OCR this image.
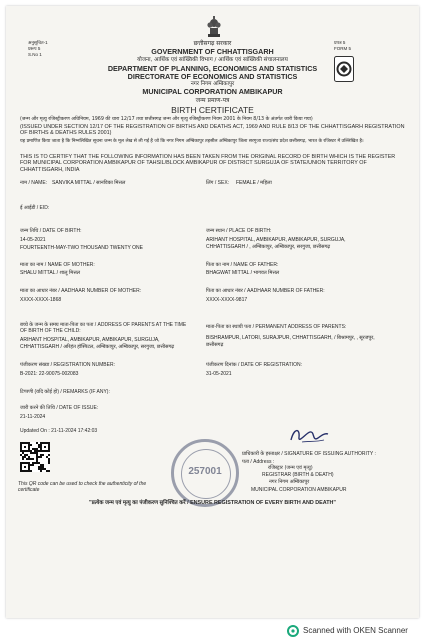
अनुसूचित-1
प्ररूप 5
S.No 1
प्रपत्र 5
FORM 5
छत्तीसगढ़ सरकार
GOVERNMENT OF CHHATTISGARH
योजना, आर्थिक एवं सांख्यिकी विभाग / आर्थिक एवं सांख्यिकी संचालनालय
DEPARTMENT OF PLANNING, ECONOMICS AND STATISTICS
DIRECTORATE OF ECONOMICS AND STATISTICS
नगर निगम अम्बिकापुर
MUNICIPAL CORPORATION AMBIKAPUR
जन्म प्रमाण-पत्र
BIRTH CERTIFICATE
(जन्म और मृत्यु रजिस्ट्रीकरण अधिनियम, 1969 की धारा 12/17 तथा छत्तीसगढ़ जन्म और मृत्यु रजिस्ट्रीकरण नियम 2001 के नियम 8/13 के अंतर्गत जारी किया गया)
(ISSUED UNDER SECTION 12/17 OF THE REGISTRATION OF BIRTHS AND DEATHS ACT, 1969 AND RULE 8/13 OF THE CHHATTISGARH REGISTRATION OF BIRTHS & DEATHS RULES 2001)
यह प्रमाणित किया जाता है कि निम्नलिखित सूचना जन्म के मूल लेख से ली गई है जो कि नगर निगम अम्बिकापुर तहसील अम्बिकापुर जिला सरगुजा राज्य/संघ प्रदेश छत्तीसगढ़, भारत के रजिस्टर में उल्लिखित है।
THIS IS TO CERTIFY THAT THE FOLLOWING INFORMATION HAS BEEN TAKEN FROM THE ORIGINAL RECORD OF BIRTH WHICH IS THE REGISTER FOR MUNICIPAL CORPORATION AMBIKAPUR OF TAHSIL/BLOCK AMBIKAPUR OF DISTRICT SURGUJA OF STATE/UNION TERRITORY OF CHHATTISGARH, INDIA
नाम / NAME: SANVIKA MITTAL / सानविका मित्तल	लिंग / SEX: FEMALE / महिला
ई आईडी / EID:
जन्म तिथि / DATE OF BIRTH:
14-05-2021
FOURTEENTH-MAY-TWO THOUSAND TWENTY ONE
जन्म स्थान / PLACE OF BIRTH:
ARIHANT HOSPITAL, AMBIKAPUR, AMBIKAPUR, SURGUJA,
CHHATTISGARH / , अम्बिकापुर, अम्बिकापुर, सरगुजा, छत्तीसगढ़
माता का नाम / NAME OF MOTHER:
SHALU MITTAL / शालू मित्तल
पिता का नाम / NAME OF FATHER:
BHAGWAT MITTAL / भागवत मित्तल
माता का आधार नंबर / AADHAAR NUMBER OF MOTHER:
XXXX-XXXX-1868
पिता का आधार नंबर / AADHAAR NUMBER OF FATHER:
XXXX-XXXX-9817
बच्चे के जन्म के समय माता-पिता का पता / ADDRESS OF PARENTS AT THE TIME
OF BIRTH OF THE CHILD:
ARIHANT HOSPITAL, AMBIKAPUR, AMBIKAPUR, SURGUJA,
CHHATTISGARH / अरिहंत हॉस्पिटल, अम्बिकापुर, अम्बिकापुर, सरगुजा, छत्तीसगढ़
माता-पिता का स्थायी पता / PERMANENT ADDRESS OF PARENTS:
BISHRAMPUR, LATORI, SURAJPUR, CHHATTISGARH, / बिश्रामपुर, , सूरजपुर,
छत्तीसगढ़
पंजीकरण संख्या / REGISTRATION NUMBER:
B-2021: 22-90075-002083
पंजीकरण दिनांक / DATE OF REGISTRATION:
31-05-2021
टिप्पणी (यदि कोई हो) / REMARKS (IF ANY):
जारी करने की तिथि / DATE OF ISSUE:
21-11-2024
Updated On : 21-11-2024 17:42:03
This QR code can be used to check the authenticity of the
certificate
257001
प्राधिकारी के हस्ताक्षर / SIGNATURE OF ISSUING AUTHORITY :
पता / Address :
रजिस्ट्रार (जन्म एवं मृत्यु)
REGISTRAR (BIRTH & DEATH)
नगर निगम अम्बिकापुर
MUNICIPAL CORPORATION AMBIKAPUR
"प्रत्येक जन्म एवं मृत्यु का पंजीकरण सुनिश्चित करें / ENSURE REGISTRATION OF EVERY BIRTH AND DEATH"
Scanned with OKEN Scanner
